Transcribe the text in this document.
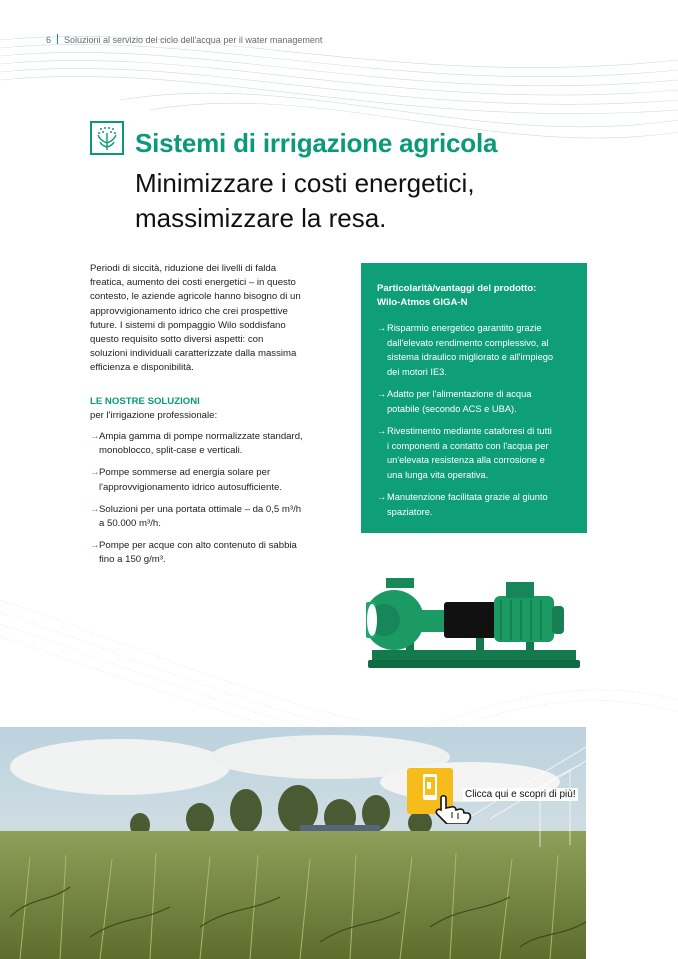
6 Soluzioni al servizio del ciclo dell'acqua per il water management
Sistemi di irrigazione agricola
Minimizzare i costi energetici,
massimizzare la resa.
Periodi di siccità, riduzione dei livelli di falda
freatica, aumento dei costi energetici – in questo
contesto, le aziende agricole hanno bisogno di un
approvvigionamento idrico che crei prospettive
future. I sistemi di pompaggio Wilo soddisfano
questo requisito sotto diversi aspetti: con
soluzioni individuali caratterizzate dalla massima
efficienza e disponibilità.
LE NOSTRE SOLUZIONI
per l'irrigazione professionale:
→ Ampia gamma di pompe normalizzate standard,
monoblocco, split-case e verticali.
→ Pompe sommerse ad energia solare per
l'approvvigionamento idrico autosufficiente.
→ Soluzioni per una portata ottimale – da 0,5 m³/h
a 50.000 m³/h.
→ Pompe per acque con alto contenuto di sabbia
fino a 150 g/m³.
Particolarità/vantaggi del prodotto:
Wilo-Atmos GIGA-N
→ Risparmio energetico garantito grazie
dall'elevato rendimento complessivo, al
sistema idraulico migliorato e all'impiego
dei motori IE3.
→ Adatto per l'alimentazione di acqua
potabile (secondo ACS e UBA).
→ Rivestimento mediante cataforesi di tutti
i componenti a contatto con l'acqua per
un'elevata resistenza alla corrosione e
una lunga vita operativa.
→ Manutenzione facilitata grazie al giunto
spaziatore.
Clicca qui e scopri di più!
